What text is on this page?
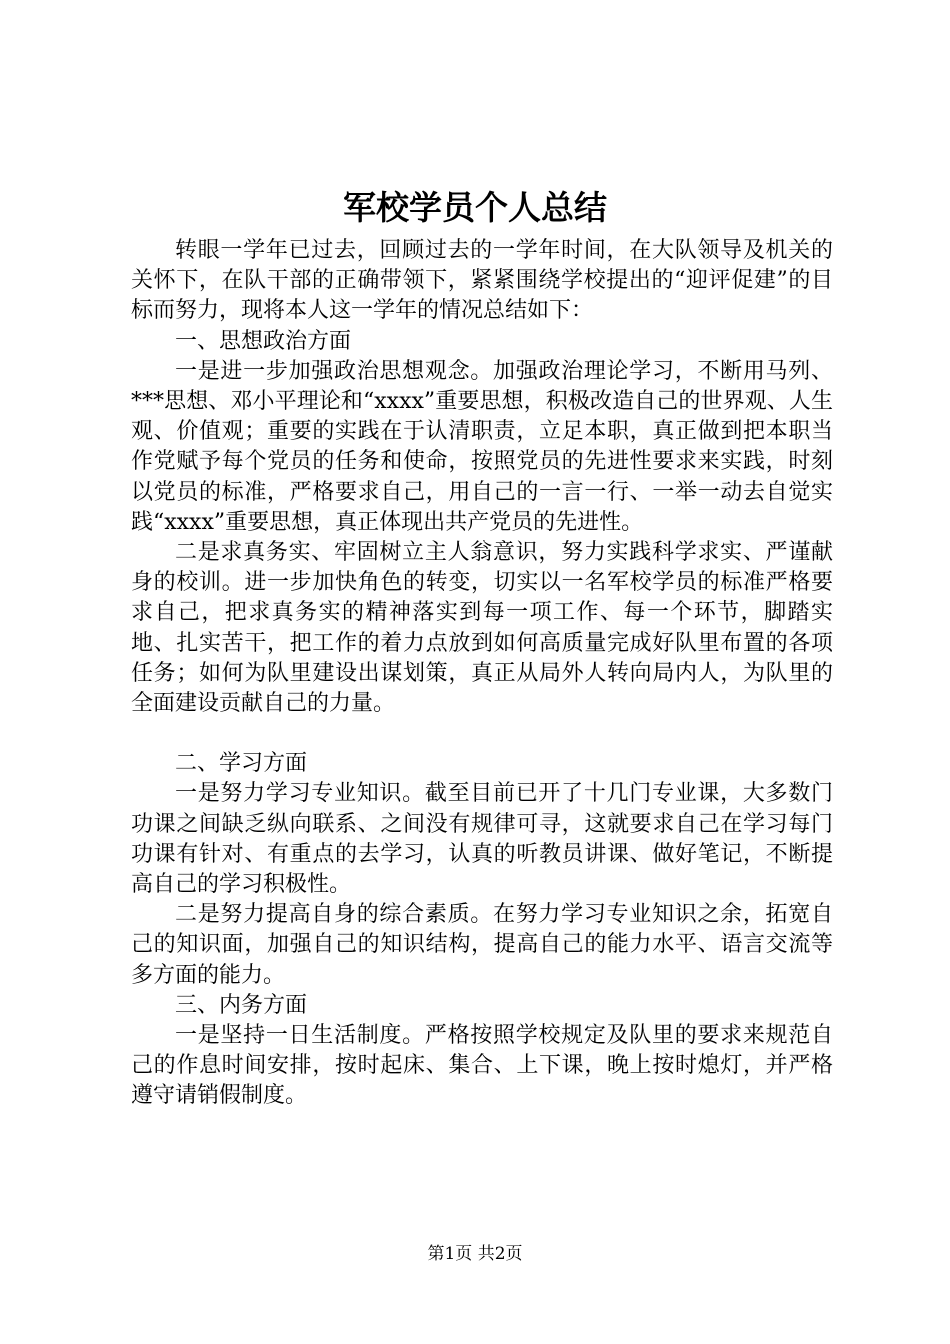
军校学员个人总结

转眼一学年已过去，回顾过去的一学年时间，在大队领导及机关的关怀下，在队干部的正确带领下，紧紧围绕学校提出的“迎评促建”的目标而努力，现将本人这一学年的情况总结如下：

一、思想政治方面

一是进一步加强政治思想观念。加强政治理论学习，不断用马列、***思想、邓小平理论和“xxxx”重要思想，积极改造自己的世界观、人生观、价值观；重要的实践在于认清职责，立足本职，真正做到把本职当作党赋予每个党员的任务和使命，按照党员的先进性要求来实践，时刻以党员的标准，严格要求自己，用自己的一言一行、一举一动去自觉实践“xxxx”重要思想，真正体现出共产党员的先进性。

二是求真务实、牢固树立主人翁意识，努力实践科学求实、严谨献身的校训。进一步加快角色的转变，切实以一名军校学员的标准严格要求自己，把求真务实的精神落实到每一项工作、每一个环节，脚踏实地、扎实苦干，把工作的着力点放到如何高质量完成好队里布置的各项任务；如何为队里建设出谋划策，真正从局外人转向局内人，为队里的全面建设贡献自己的力量。

二、学习方面

一是努力学习专业知识。截至目前已开了十几门专业课，大多数门功课之间缺乏纵向联系、之间没有规律可寻，这就要求自己在学习每门功课有针对、有重点的去学习，认真的听教员讲课、做好笔记，不断提高自己的学习积极性。

二是努力提高自身的综合素质。在努力学习专业知识之余，拓宽自己的知识面，加强自己的知识结构，提高自己的能力水平、语言交流等多方面的能力。

三、内务方面

一是坚持一日生活制度。严格按照学校规定及队里的要求来规范自己的作息时间安排，按时起床、集合、上下课，晚上按时熄灯，并严格遵守请销假制度。

第1页 共2页
